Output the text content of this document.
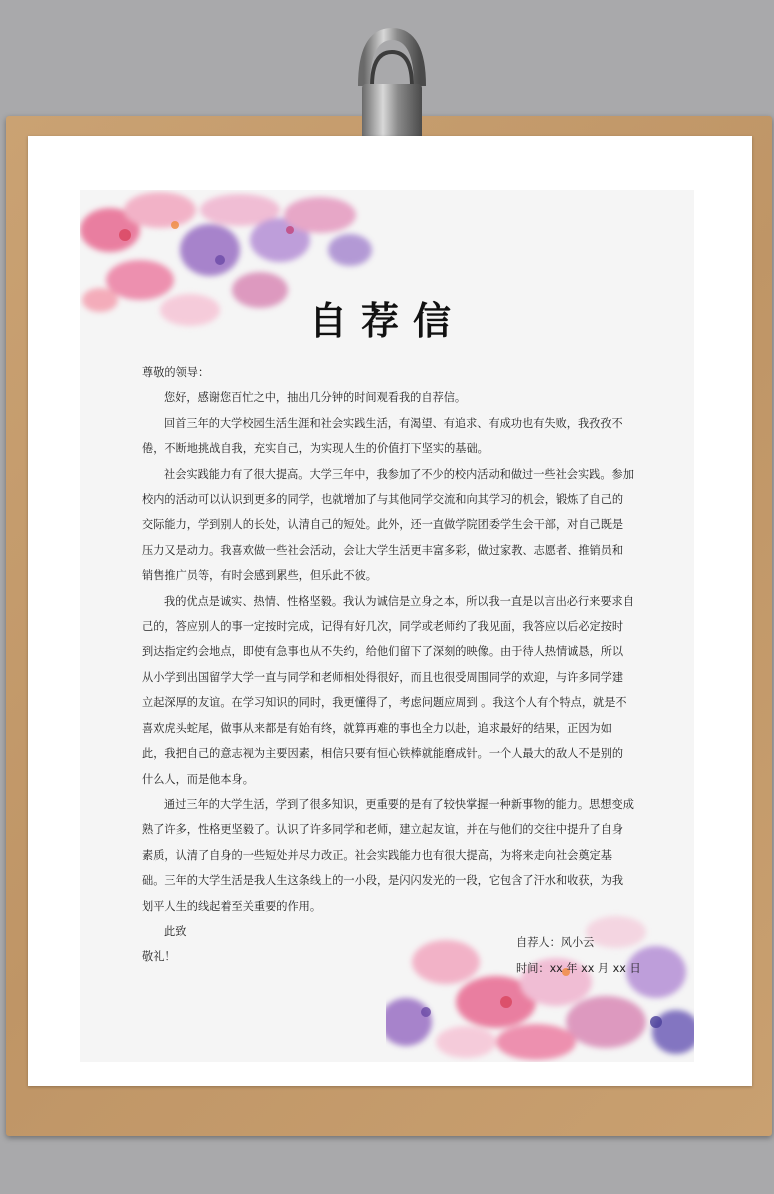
自荐信

尊敬的领导：

您好，感谢您百忙之中，抽出几分钟的时间观看我的自荐信。

回首三年的大学校园生活生涯和社会实践生活，有渴望、有追求、有成功也有失败，我孜孜不倦，不断地挑战自我，充实自己，为实现人生的价值打下坚实的基础。

社会实践能力有了很大提高。大学三年中，我参加了不少的校内活动和做过一些社会实践。参加校内的活动可以认识到更多的同学，也就增加了与其他同学交流和向其学习的机会，锻炼了自己的交际能力，学到别人的长处，认清自己的短处。此外，还一直做学院团委学生会干部，对自己既是压力又是动力。我喜欢做一些社会活动，会让大学生活更丰富多彩，做过家教、志愿者、推销员和销售推广员等，有时会感到累些，但乐此不彼。

我的优点是诚实、热情、性格坚毅。我认为诚信是立身之本，所以我一直是以言出必行来要求自己的，答应别人的事一定按时完成，记得有好几次，同学或老师约了我见面，我答应以后必定按时到达指定约会地点，即使有急事也从不失约，给他们留下了深刻的映像。由于待人热情诚恳，所以从小学到出国留学大学一直与同学和老师相处得很好，而且也很受周围同学的欢迎，与许多同学建立起深厚的友谊。在学习知识的同时，我更懂得了，考虑问题应周到 。我这个人有个特点，就是不喜欢虎头蛇尾，做事从来都是有始有终，就算再难的事也全力以赴，追求最好的结果，正因为如此，我把自己的意志视为主要因素，相信只要有恒心铁棒就能磨成针。一个人最大的敌人不是别的什么人，而是他本身。

通过三年的大学生活，学到了很多知识，更重要的是有了较快掌握一种新事物的能力。思想变成熟了许多，性格更坚毅了。认识了许多同学和老师，建立起友谊，并在与他们的交往中提升了自身素质，认清了自身的一些短处并尽力改正。社会实践能力也有很大提高，为将来走向社会奠定基础。三年的大学生活是我人生这条线上的一小段，是闪闪发光的一段，它包含了汗水和收获，为我划平人生的线起着至关重要的作用。

此致

敬礼！

自荐人：风小云
时间：xx 年 xx 月 xx 日
